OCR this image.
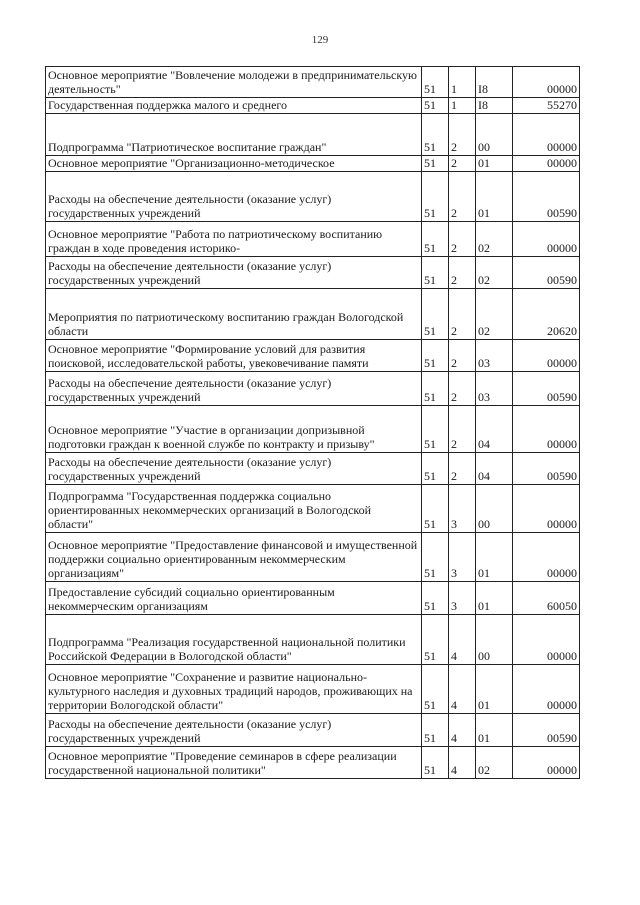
129
Основное мероприятие "Вовлечение молодежи в предпринимательскую деятельность"	51	1	I8	00000
Государственная поддержка малого и среднего	51	1	I8	55270
Подпрограмма "Патриотическое воспитание граждан"	51	2	00	00000
Основное мероприятие "Организационно-методическое	51	2	01	00000
Расходы на обеспечение деятельности (оказание услуг) государственных учреждений	51	2	01	00590
Основное мероприятие "Работа по патриотическому воспитанию граждан в ходе проведения историко-	51	2	02	00000
Расходы на обеспечение деятельности (оказание услуг) государственных учреждений	51	2	02	00590
Мероприятия по патриотическому воспитанию граждан Вологодской области	51	2	02	20620
Основное мероприятие "Формирование условий для развития поисковой, исследовательской работы, увековечивание памяти	51	2	03	00000
Расходы на обеспечение деятельности (оказание услуг) государственных учреждений	51	2	03	00590
Основное мероприятие "Участие в организации допризывной подготовки граждан к военной службе по контракту и призыву"	51	2	04	00000
Расходы на обеспечение деятельности (оказание услуг) государственных учреждений	51	2	04	00590
Подпрограмма "Государственная поддержка социально ориентированных некоммерческих организаций в Вологодской области"	51	3	00	00000
Основное мероприятие "Предоставление финансовой и имущественной поддержки социально ориентированным некоммерческим организациям"	51	3	01	00000
Предоставление субсидий социально ориентированным некоммерческим организациям	51	3	01	60050
Подпрограмма "Реализация государственной национальной политики Российской Федерации в Вологодской области"	51	4	00	00000
Основное мероприятие "Сохранение и развитие национально-культурного наследия и духовных традиций народов, проживающих на территории Вологодской области"	51	4	01	00000
Расходы на обеспечение деятельности (оказание услуг) государственных учреждений	51	4	01	00590
Основное мероприятие "Проведение семинаров в сфере реализации государственной национальной политики"	51	4	02	00000
